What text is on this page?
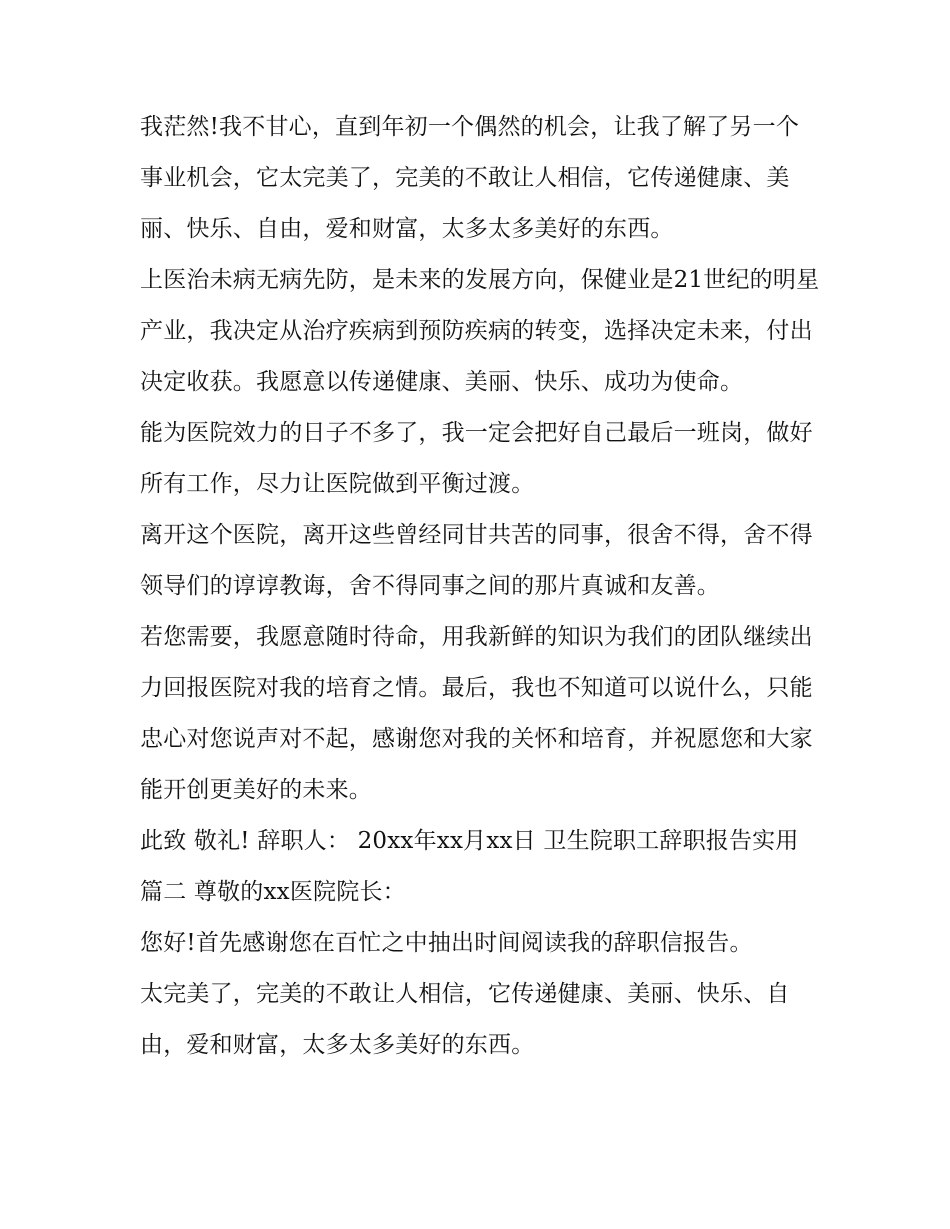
我茫然!我不甘心，直到年初一个偶然的机会，让我了解了另一个事业机会，它太完美了，完美的不敢让人相信，它传递健康、美丽、快乐、自由，爱和财富，太多太多美好的东西。

上医治未病无病先防，是未来的发展方向，保健业是21世纪的明星产业，我决定从治疗疾病到预防疾病的转变，选择决定未来，付出决定收获。我愿意以传递健康、美丽、快乐、成功为使命。

能为医院效力的日子不多了，我一定会把好自己最后一班岗，做好所有工作，尽力让医院做到平衡过渡。

离开这个医院，离开这些曾经同甘共苦的同事，很舍不得，舍不得领导们的谆谆教诲，舍不得同事之间的那片真诚和友善。

若您需要，我愿意随时待命，用我新鲜的知识为我们的团队继续出力回报医院对我的培育之情。最后，我也不知道可以说什么，只能忠心对您说声对不起，感谢您对我的关怀和培育，并祝愿您和大家能开创更美好的未来。

此致 敬礼! 辞职人： 20xx年xx月xx日 卫生院职工辞职报告实用篇二 尊敬的xx医院院长：

您好!首先感谢您在百忙之中抽出时间阅读我的辞职信报告。

太完美了，完美的不敢让人相信，它传递健康、美丽、快乐、自由，爱和财富，太多太多美好的东西。
